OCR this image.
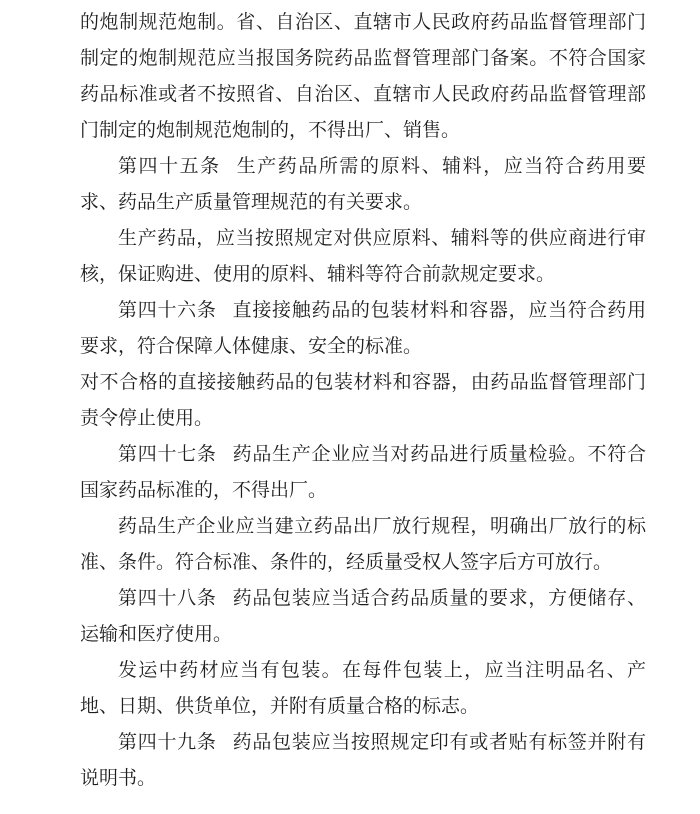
的炮制规范炮制。省、自治区、直辖市人民政府药品监督管理部门制定的炮制规范应当报国务院药品监督管理部门备案。不符合国家药品标准或者不按照省、自治区、直辖市人民政府药品监督管理部门制定的炮制规范炮制的，不得出厂、销售。

第四十五条 生产药品所需的原料、辅料，应当符合药用要求、药品生产质量管理规范的有关要求。

生产药品，应当按照规定对供应原料、辅料等的供应商进行审核，保证购进、使用的原料、辅料等符合前款规定要求。

第四十六条 直接接触药品的包装材料和容器，应当符合药用要求，符合保障人体健康、安全的标准。

对不合格的直接接触药品的包装材料和容器，由药品监督管理部门责令停止使用。

第四十七条 药品生产企业应当对药品进行质量检验。不符合国家药品标准的，不得出厂。

药品生产企业应当建立药品出厂放行规程，明确出厂放行的标准、条件。符合标准、条件的，经质量受权人签字后方可放行。

第四十八条 药品包装应当适合药品质量的要求，方便储存、运输和医疗使用。

发运中药材应当有包装。在每件包装上，应当注明品名、产地、日期、供货单位，并附有质量合格的标志。

第四十九条 药品包装应当按照规定印有或者贴有标签并附有说明书。
